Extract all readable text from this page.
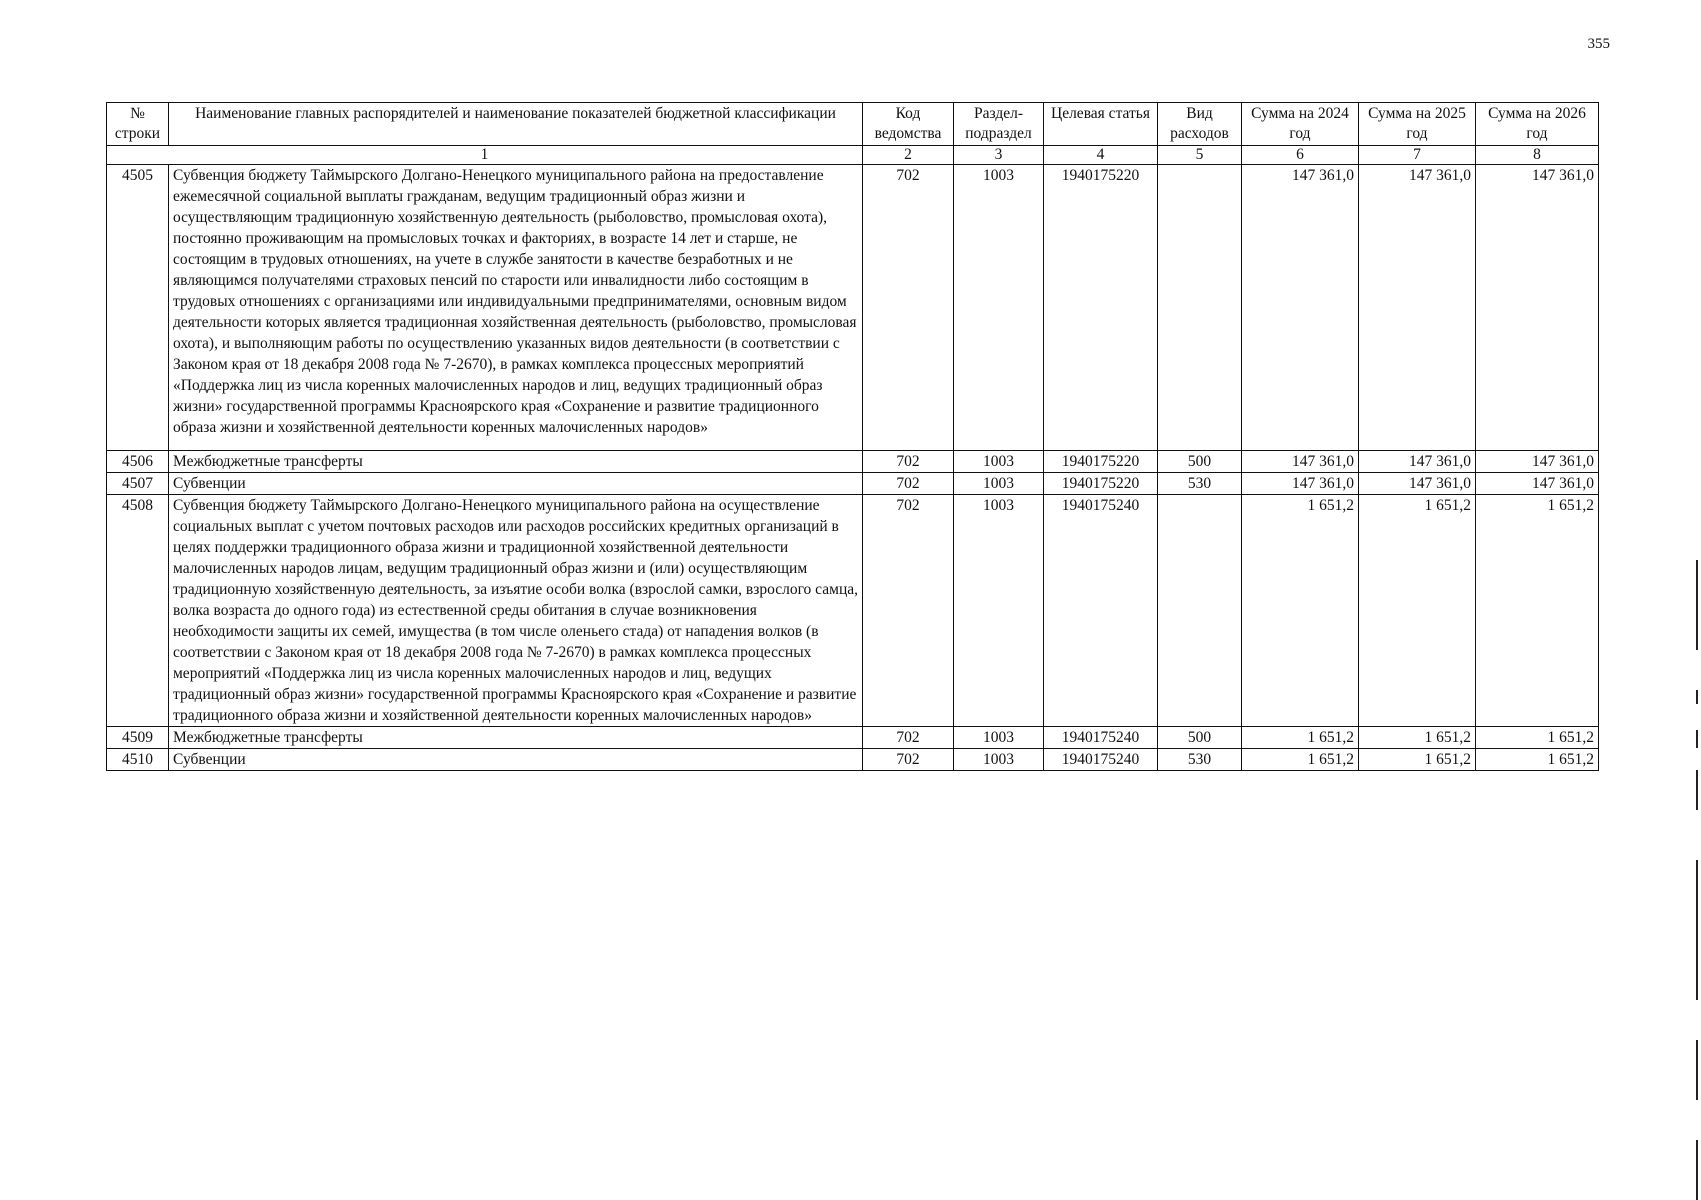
355
№ строки	Наименование главных распорядителей и наименование показателей бюджетной классификации	Код ведомства	Раздел-подраздел	Целевая статья	Вид расходов	Сумма на 2024 год	Сумма на 2025 год	Сумма на 2026 год
1		2	3	4	5	6	7	8
4505	Субвенция бюджету Таймырского Долгано-Ненецкого муниципального района на предоставление ежемесячной социальной выплаты гражданам, ведущим традиционный образ жизни и осуществляющим традиционную хозяйственную деятельность (рыболовство, промысловая охота), постоянно проживающим на промысловых точках и факториях, в возрасте 14 лет и старше, не состоящим в трудовых отношениях, на учете в службе занятости в качестве безработных и не являющимся получателями страховых пенсий по старости или инвалидности либо состоящим в трудовых отношениях с организациями или индивидуальными предпринимателями, основным видом деятельности которых является традиционная хозяйственная деятельность (рыболовство, промысловая охота), и выполняющим работы по осуществлению указанных видов деятельности (в соответствии с Законом края от 18 декабря 2008 года № 7-2670), в рамках комплекса процессных мероприятий «Поддержка лиц из числа коренных малочисленных народов и лиц, ведущих традиционный образ жизни» государственной программы Красноярского края «Сохранение и развитие традиционного образа жизни и хозяйственной деятельности коренных малочисленных народов»	702	1003	1940175220		147 361,0	147 361,0	147 361,0
4506	Межбюджетные трансферты	702	1003	1940175220	500	147 361,0	147 361,0	147 361,0
4507	Субвенции	702	1003	1940175220	530	147 361,0	147 361,0	147 361,0
4508	Субвенция бюджету Таймырского Долгано-Ненецкого муниципального района на осуществление социальных выплат с учетом почтовых расходов или расходов российских кредитных организаций в целях поддержки традиционного образа жизни и традиционной хозяйственной деятельности малочисленных народов лицам, ведущим традиционный образ жизни и (или) осуществляющим традиционную хозяйственную деятельность, за изъятие особи волка (взрослой самки, взрослого самца, волка возраста до одного года) из естественной среды обитания в случае возникновения необходимости защиты их семей, имущества (в том числе оленьего стада) от нападения волков (в соответствии с Законом края от 18 декабря 2008 года № 7-2670) в рамках комплекса процессных мероприятий «Поддержка лиц из числа коренных малочисленных народов и лиц, ведущих традиционный образ жизни» государственной программы Красноярского края «Сохранение и развитие традиционного образа жизни и хозяйственной деятельности коренных малочисленных народов»	702	1003	1940175240		1 651,2	1 651,2	1 651,2
4509	Межбюджетные трансферты	702	1003	1940175240	500	1 651,2	1 651,2	1 651,2
4510	Субвенции	702	1003	1940175240	530	1 651,2	1 651,2	1 651,2
